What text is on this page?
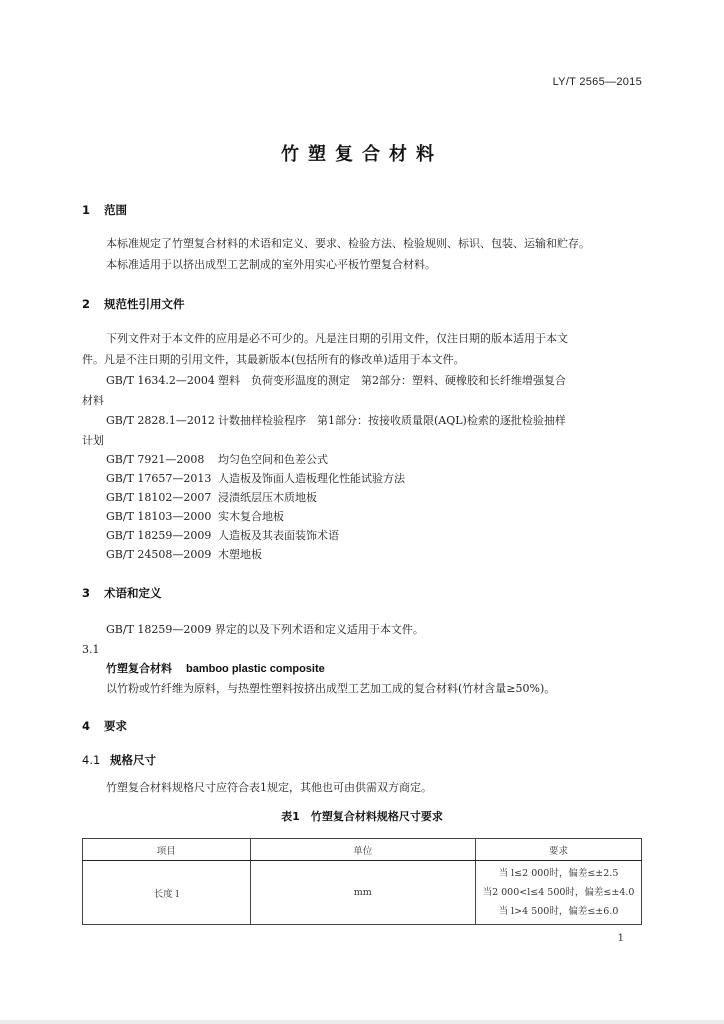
LY/T 2565—2015
竹塑复合材料
1 范围
本标准规定了竹塑复合材料的术语和定义、要求、检验方法、检验规则、标识、包装、运输和贮存。
本标准适用于以挤出成型工艺制成的室外用实心平板竹塑复合材料。
2 规范性引用文件
下列文件对于本文件的应用是必不可少的。凡是注日期的引用文件，仅注日期的版本适用于本文
件。凡是不注日期的引用文件，其最新版本(包括所有的修改单)适用于本文件。
GB/T 1634.2—2004 塑料　负荷变形温度的测定　第2部分：塑料、硬橡胶和长纤维增强复合
材料
GB/T 2828.1—2012 计数抽样检验程序　第1部分：按接收质量限(AQL)检索的逐批检验抽样
计划
GB/T 7921—2008 均匀色空间和色差公式
GB/T 17657—2013 人造板及饰面人造板理化性能试验方法
GB/T 18102—2007 浸渍纸层压木质地板
GB/T 18103—2000 实木复合地板
GB/T 18259—2009 人造板及其表面装饰术语
GB/T 24508—2009 木塑地板
3 术语和定义
GB/T 18259—2009 界定的以及下列术语和定义适用于本文件。
3.1
竹塑复合材料 bamboo plastic composite
以竹粉或竹纤维为原料，与热塑性塑料按挤出成型工艺加工成的复合材料(竹材含量≥50%)。
4 要求
4.1 规格尺寸
竹塑复合材料规格尺寸应符合表1规定，其他也可由供需双方商定。
表1　竹塑复合材料规格尺寸要求
项目	单位	要求
长度 l	mm	当 l≤2 000时，偏差≤±2.5
当2 000<l≤4 500时，偏差≤±4.0
当 l>4 500时，偏差≤±6.0
1
